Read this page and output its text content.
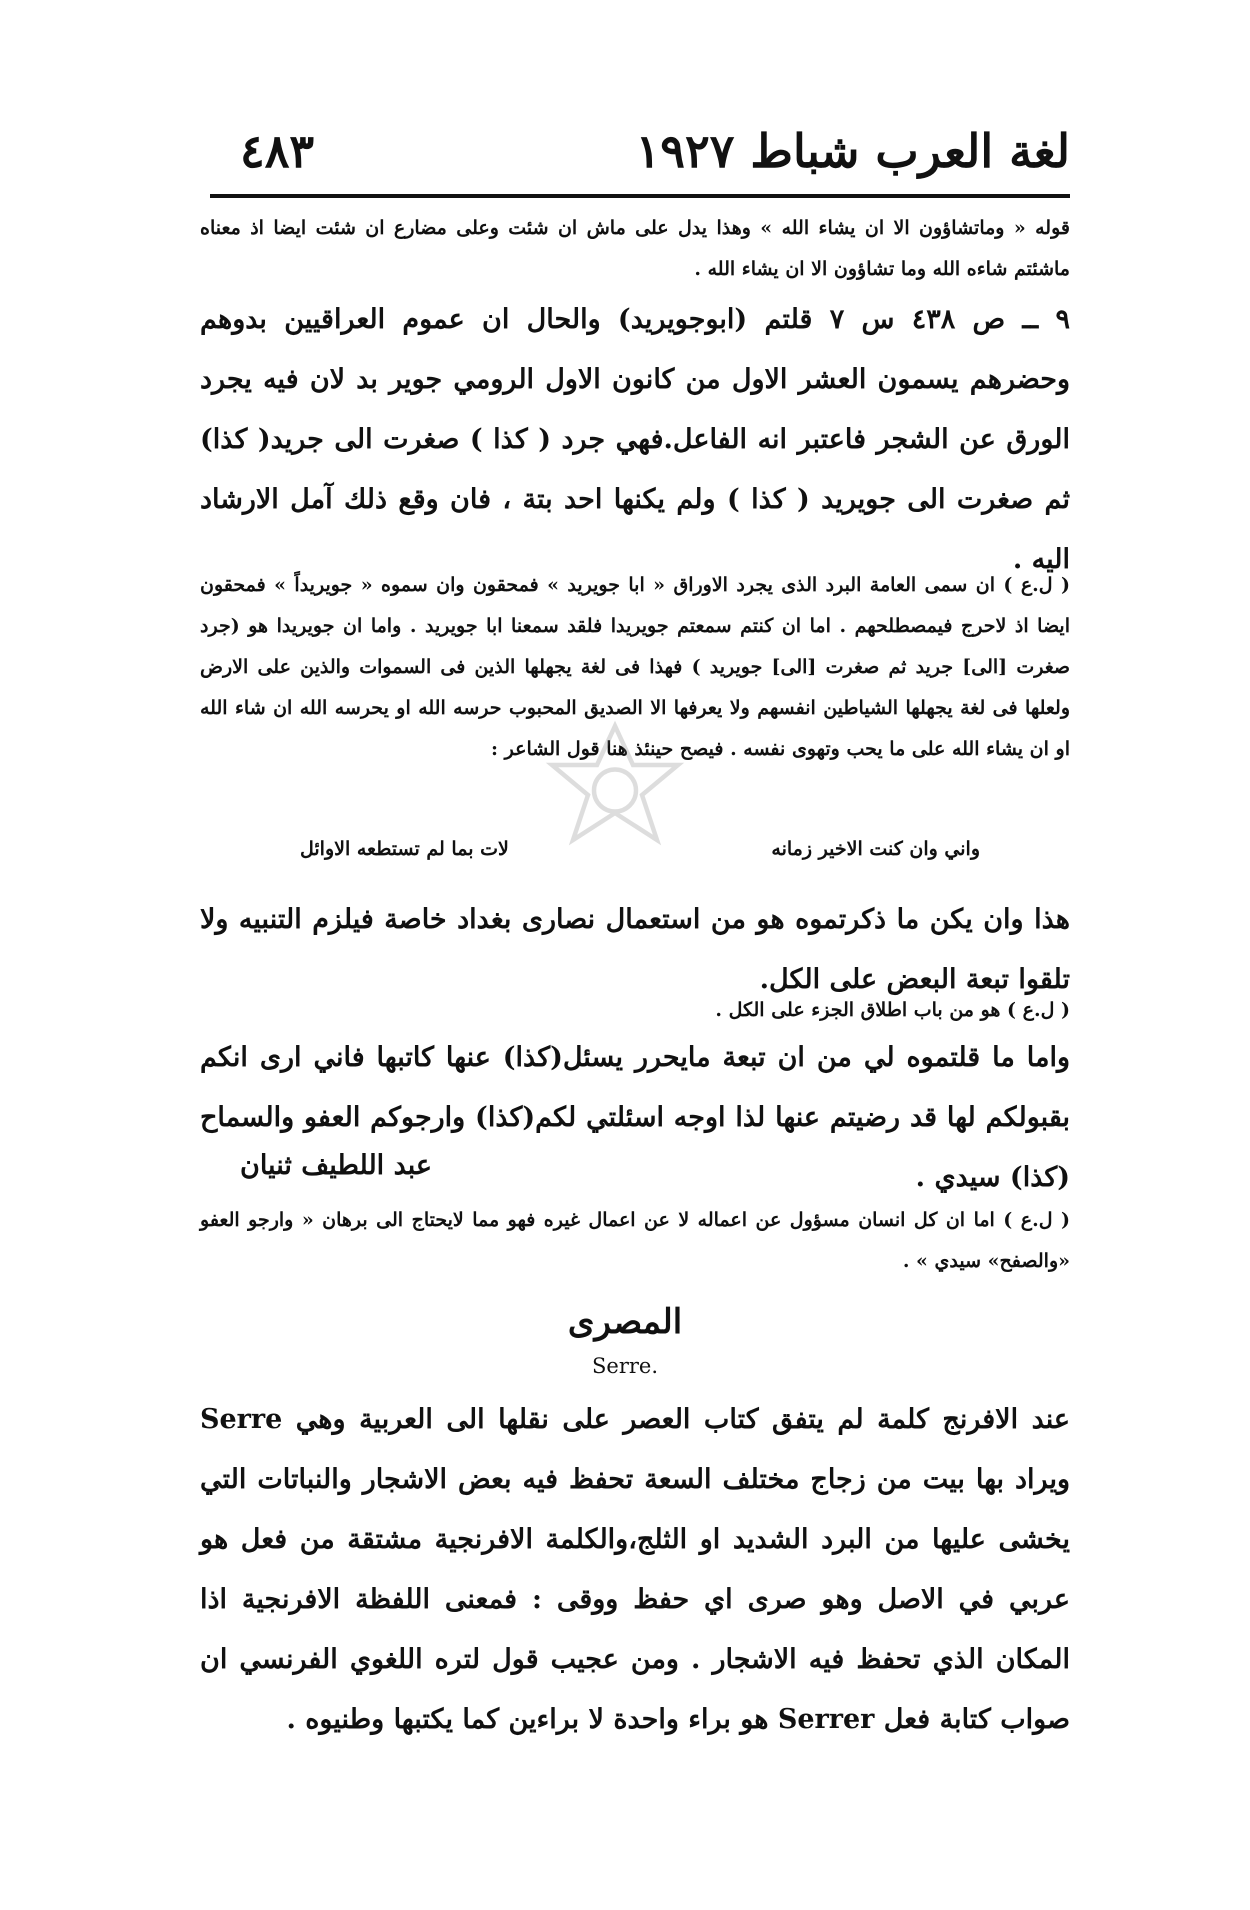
لغة العرب شباط ١٩٢٧
٤٨٣
قوله « وماتشاؤون الا ان يشاء الله » وهذا يدل على ماش ان شئت وعلى مضارع ان شئت ايضا اذ معناه ماشئتم شاءه الله وما تشاؤون الا ان يشاء الله .
٩ ــ ص ٤٣٨ س ٧ قلتم (ابوجويريد) والحال ان عموم العراقيين بدوهم وحضرهم يسمون العشر الاول من كانون الاول الرومي جوير بد لان فيه يجرد الورق عن الشجر فاعتبر انه الفاعل.فهي جرد ( كذا ) صغرت الى جريد( كذا) ثم صغرت الى جويريد ( كذا ) ولم يكنها احد بتة ، فان وقع ذلك آمل الارشاد اليه .
( ل.ع ) ان سمى العامة البرد الذى يجرد الاوراق « ابا جويريد » فمحقون وان سموه « جويريداً » فمحقون ايضا اذ لاحرج فيمصطلحهم . اما ان كنتم سمعتم جويريدا فلقد سمعنا ابا جويريد . واما ان جويريدا هو (جرد صغرت [الى] جريد ثم صغرت [الى] جويريد ) فهذا فى لغة يجهلها الذين فى السموات والذين على الارض ولعلها فى لغة يجهلها الشياطين انفسهم ولا يعرفها الا الصديق المحبوب حرسه الله او يحرسه الله ان شاء الله او ان يشاء الله على ما يحب وتهوى نفسه . فيصح حينئذ هنا قول الشاعر :
واني وان كنت الاخير زمانه
لات بما لم تستطعه الاوائل
هذا وان يكن ما ذكرتموه هو من استعمال نصارى بغداد خاصة فيلزم التنبيه ولا تلقوا تبعة البعض على الكل.
( ل.ع ) هو من باب اطلاق الجزء على الكل .
واما ما قلتموه لي من ان تبعة مايحرر يسئل(كذا) عنها كاتبها فاني ارى انكم بقبولكم لها قد رضيتم عنها لذا اوجه اسئلتي لكم(كذا) وارجوكم العفو والسماح (كذا) سيدي .
عبد اللطيف ثنيان
( ل.ع ) اما ان كل انسان مسؤول عن اعماله لا عن اعمال غيره فهو مما لايحتاج الى برهان « وارجو العفو «والصفح» سيدي » .
المصرى
Serre.
عند الافرنج كلمة لم يتفق كتاب العصر على نقلها الى العربية وهي Serre ويراد بها بيت من زجاج مختلف السعة تحفظ فيه بعض الاشجار والنباتات التي يخشى عليها من البرد الشديد او الثلج،والكلمة الافرنجية مشتقة من فعل هو عربي في الاصل وهو صرى اي حفظ ووقى : فمعنى اللفظة الافرنجية اذا المكان الذي تحفظ فيه الاشجار . ومن عجيب قول لتره اللغوي الفرنسي ان صواب كتابة فعل Serrer هو براء واحدة لا براءين كما يكتبها وطنيوه .
